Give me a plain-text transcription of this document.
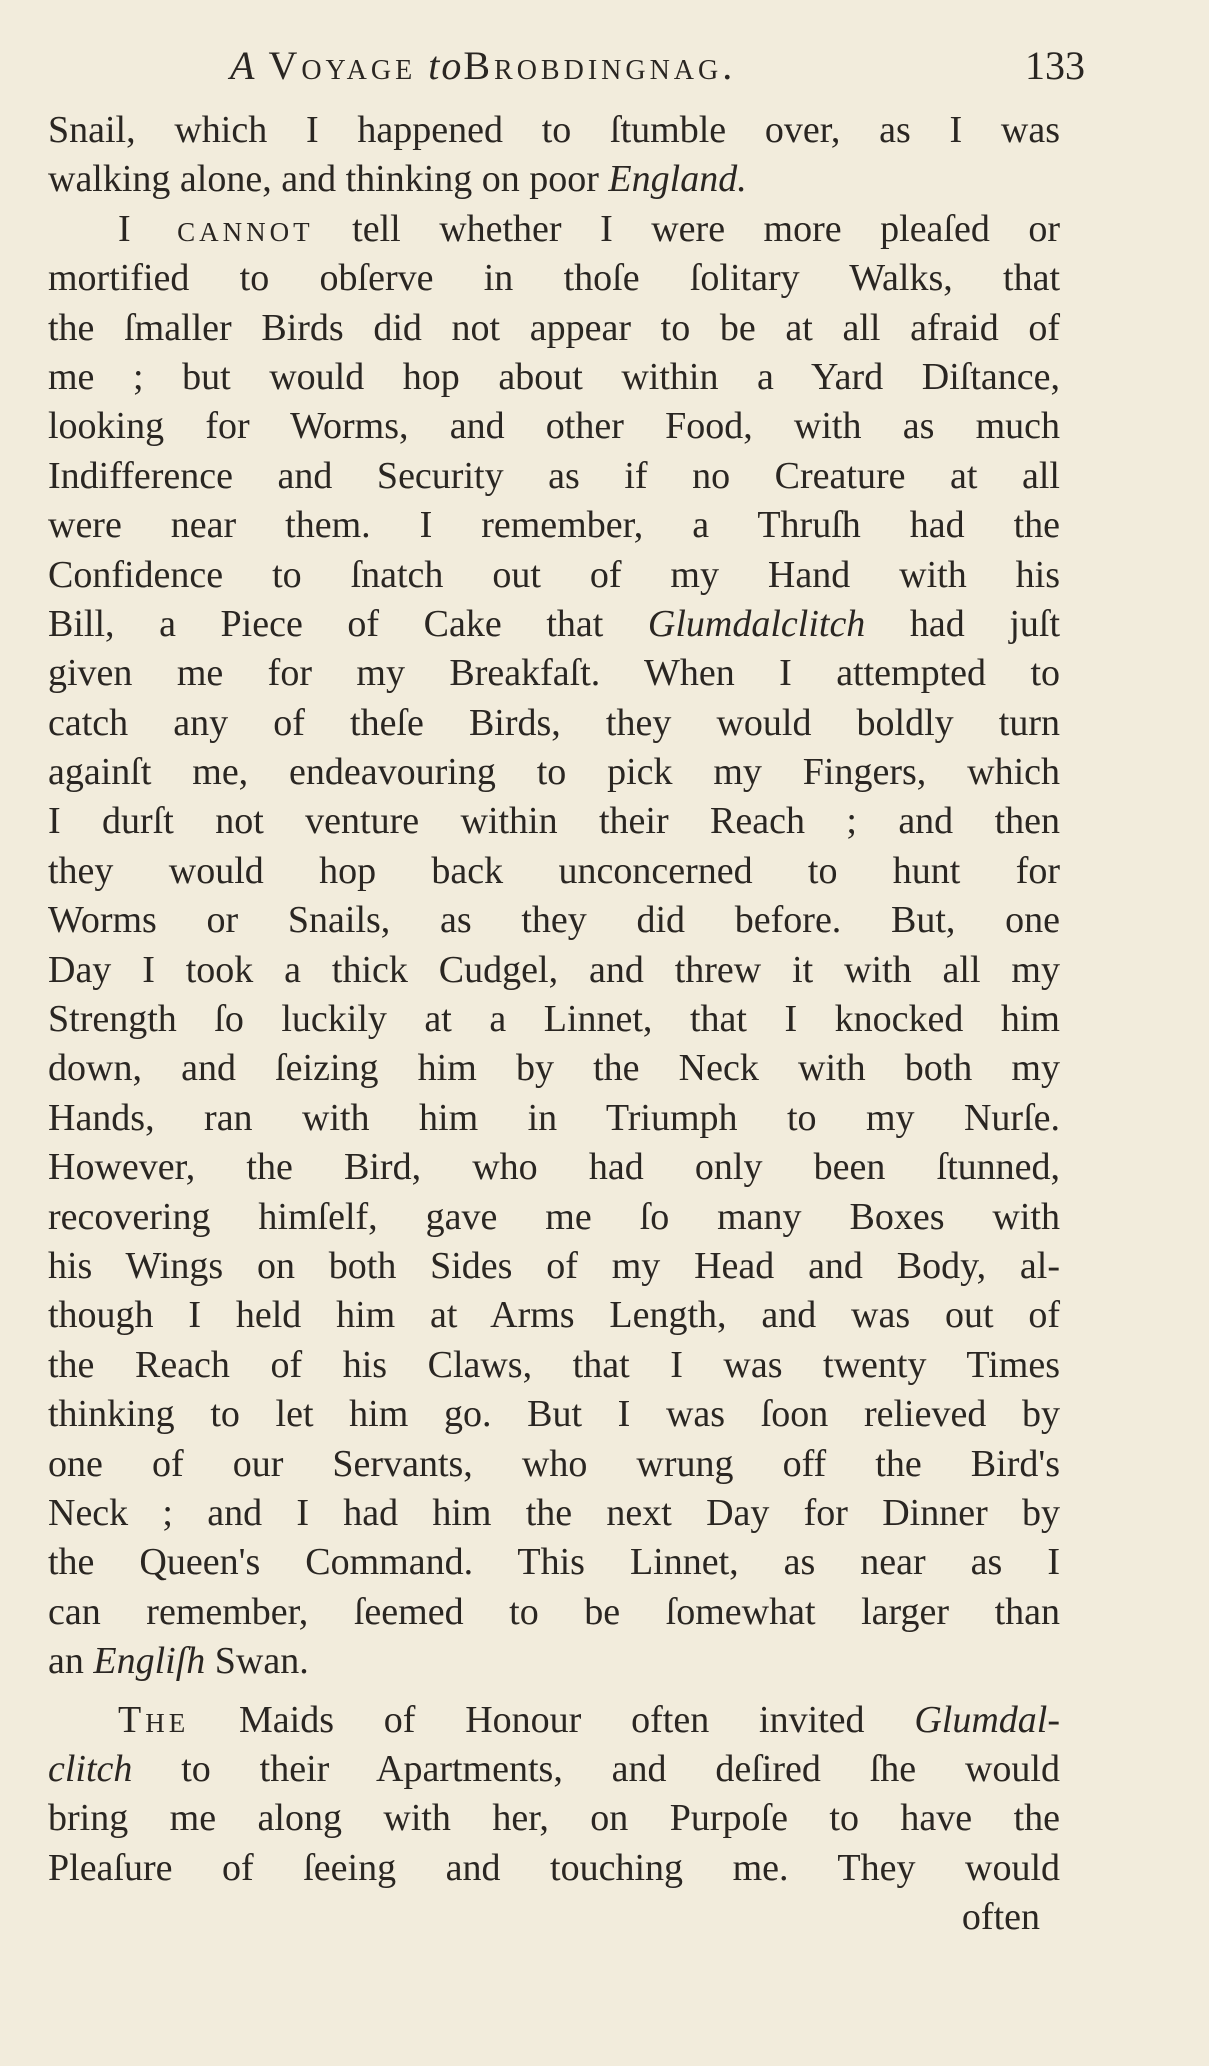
A Voyage toBrobdingnag.	133
Snail, which I happened to ſtumble over, as I was
walking alone, and thinking on poor England.
I cannot tell whether I were more pleaſed or
mortified to obſerve in thoſe ſolitary Walks, that
the ſmaller Birds did not appear to be at all afraid of
me ; but would hop about within a Yard Diſtance,
looking for Worms, and other Food, with as much
Indifference and Security as if no Creature at all
were near them. I remember, a Thruſh had the
Confidence to ſnatch out of my Hand with his
Bill, a Piece of Cake that Glumdalclitch had juſt
given me for my Breakfaſt. When I attempted to
catch any of theſe Birds, they would boldly turn
againſt me, endeavouring to pick my Fingers, which
I durſt not venture within their Reach ; and then
they would hop back unconcerned to hunt for
Worms or Snails, as they did before. But, one
Day I took a thick Cudgel, and threw it with all my
Strength ſo luckily at a Linnet, that I knocked him
down, and ſeizing him by the Neck with both my
Hands, ran with him in Triumph to my Nurſe.
However, the Bird, who had only been ſtunned,
recovering himſelf, gave me ſo many Boxes with
his Wings on both Sides of my Head and Body, al-
though I held him at Arms Length, and was out of
the Reach of his Claws, that I was twenty Times
thinking to let him go. But I was ſoon relieved by
one of our Servants, who wrung off the Bird's
Neck ; and I had him the next Day for Dinner by
the Queen's Command. This Linnet, as near as I
can remember, ſeemed to be ſomewhat larger than
an Engliſh Swan.
The Maids of Honour often invited Glumdal-
clitch to their Apartments, and deſired ſhe would
bring me along with her, on Purpoſe to have the
Pleaſure of ſeeing and touching me. They would
often
